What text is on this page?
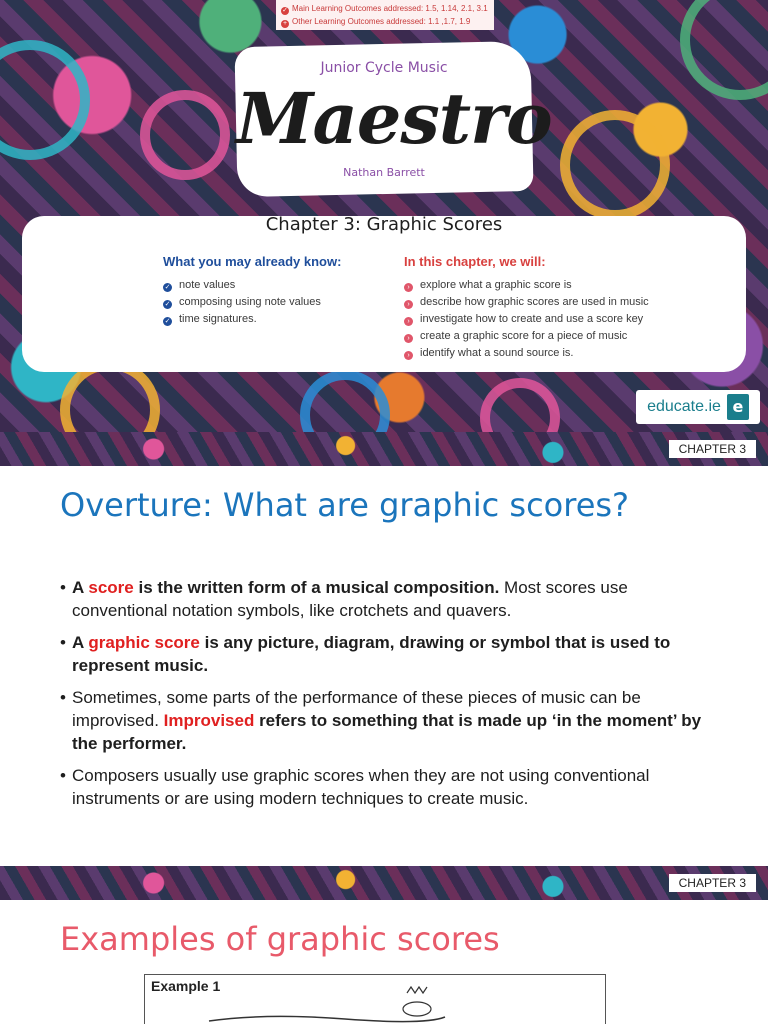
✓ Main Learning Outcomes addressed: 1.5, 1.14, 2.1, 3.1
+ Other Learning Outcomes addressed: 1.1 ,1.7, 1.9
Junior Cycle Music
Maestro
Nathan Barrett
Chapter 3: Graphic Scores
What you may already know:
✓ note values
✓ composing using note values
✓ time signatures.
In this chapter, we will:
› explore what a graphic score is
› describe how graphic scores are used in music
› investigate how to create and use a score key
› create a graphic score for a piece of music
› identify what a sound source is.
educate.ie e
CHAPTER 3
Overture: What are graphic scores?
• A score is the written form of a musical composition. Most scores use conventional notation symbols, like crotchets and quavers.
• A graphic score is any picture, diagram, drawing or symbol that is used to represent music.
• Sometimes, some parts of the performance of these pieces of music can be improvised. Improvised refers to something that is made up ‘in the moment’ by the performer.
• Composers usually use graphic scores when they are not using conventional instruments or are using modern techniques to create music.
CHAPTER 3
Examples of graphic scores
Example 1
